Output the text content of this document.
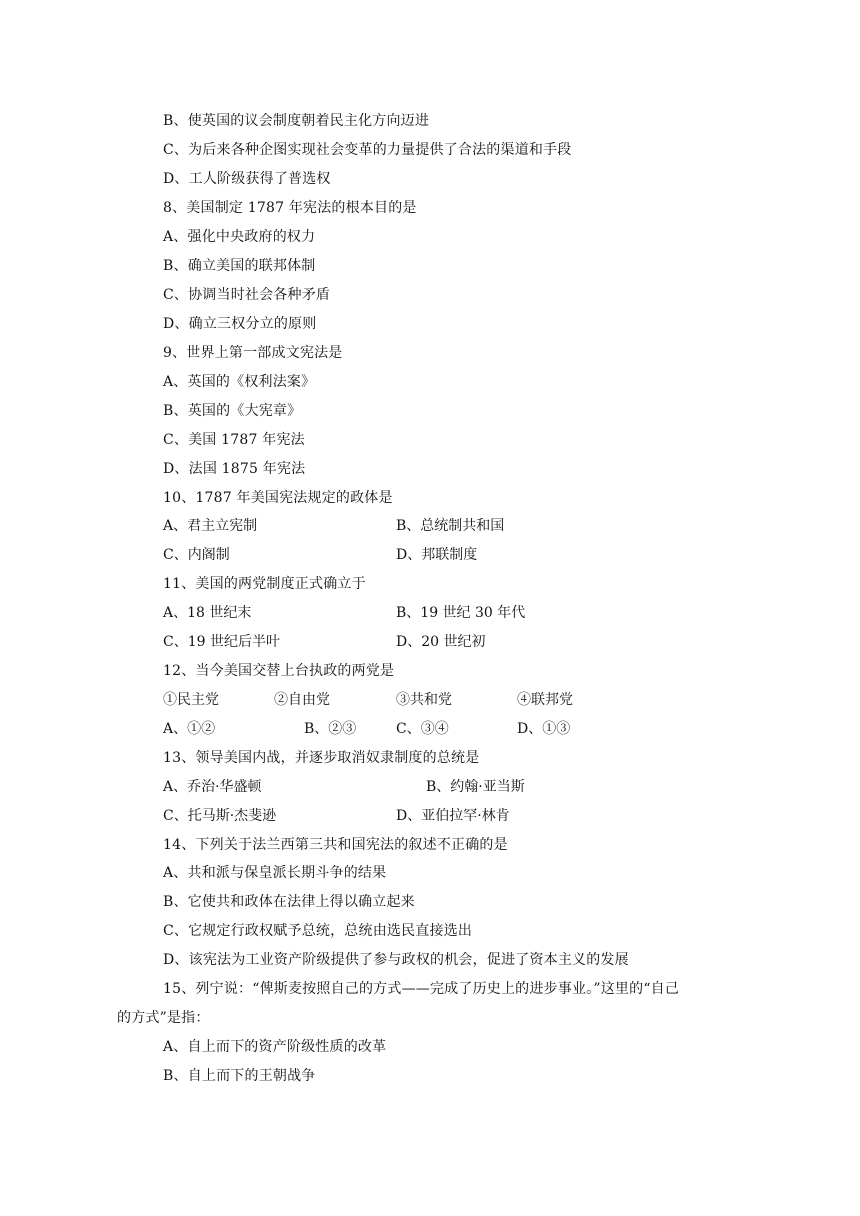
B、使英国的议会制度朝着民主化方向迈进
C、为后来各种企图实现社会变革的力量提供了合法的渠道和手段
D、工人阶级获得了普选权
8、美国制定 1787 年宪法的根本目的是
A、强化中央政府的权力
B、确立美国的联邦体制
C、协调当时社会各种矛盾
D、确立三权分立的原则
9、世界上第一部成文宪法是
A、英国的《权利法案》
B、英国的《大宪章》
C、美国 1787 年宪法
D、法国 1875 年宪法
10、1787 年美国宪法规定的政体是
A、君主立宪制	B、总统制共和国
C、内阁制	D、邦联制度
11、美国的两党制度正式确立于
A、18 世纪末	B、19 世纪 30 年代
C、19 世纪后半叶	D、20 世纪初
12、当今美国交替上台执政的两党是
①民主党	②自由党	③共和党	④联邦党
A、①②	B、②③	C、③④	D、①③
13、领导美国内战，并逐步取消奴隶制度的总统是
A、乔治·华盛顿	B、约翰·亚当斯
C、托马斯·杰斐逊	D、亚伯拉罕·林肯
14、下列关于法兰西第三共和国宪法的叙述不正确的是
A、共和派与保皇派长期斗争的结果
B、它使共和政体在法律上得以确立起来
C、它规定行政权赋予总统，总统由选民直接选出
D、该宪法为工业资产阶级提供了参与政权的机会，促进了资本主义的发展
15、列宁说：“俾斯麦按照自己的方式——完成了历史上的进步事业。”这里的“自己
的方式”是指：
A、自上而下的资产阶级性质的改革
B、自上而下的王朝战争
